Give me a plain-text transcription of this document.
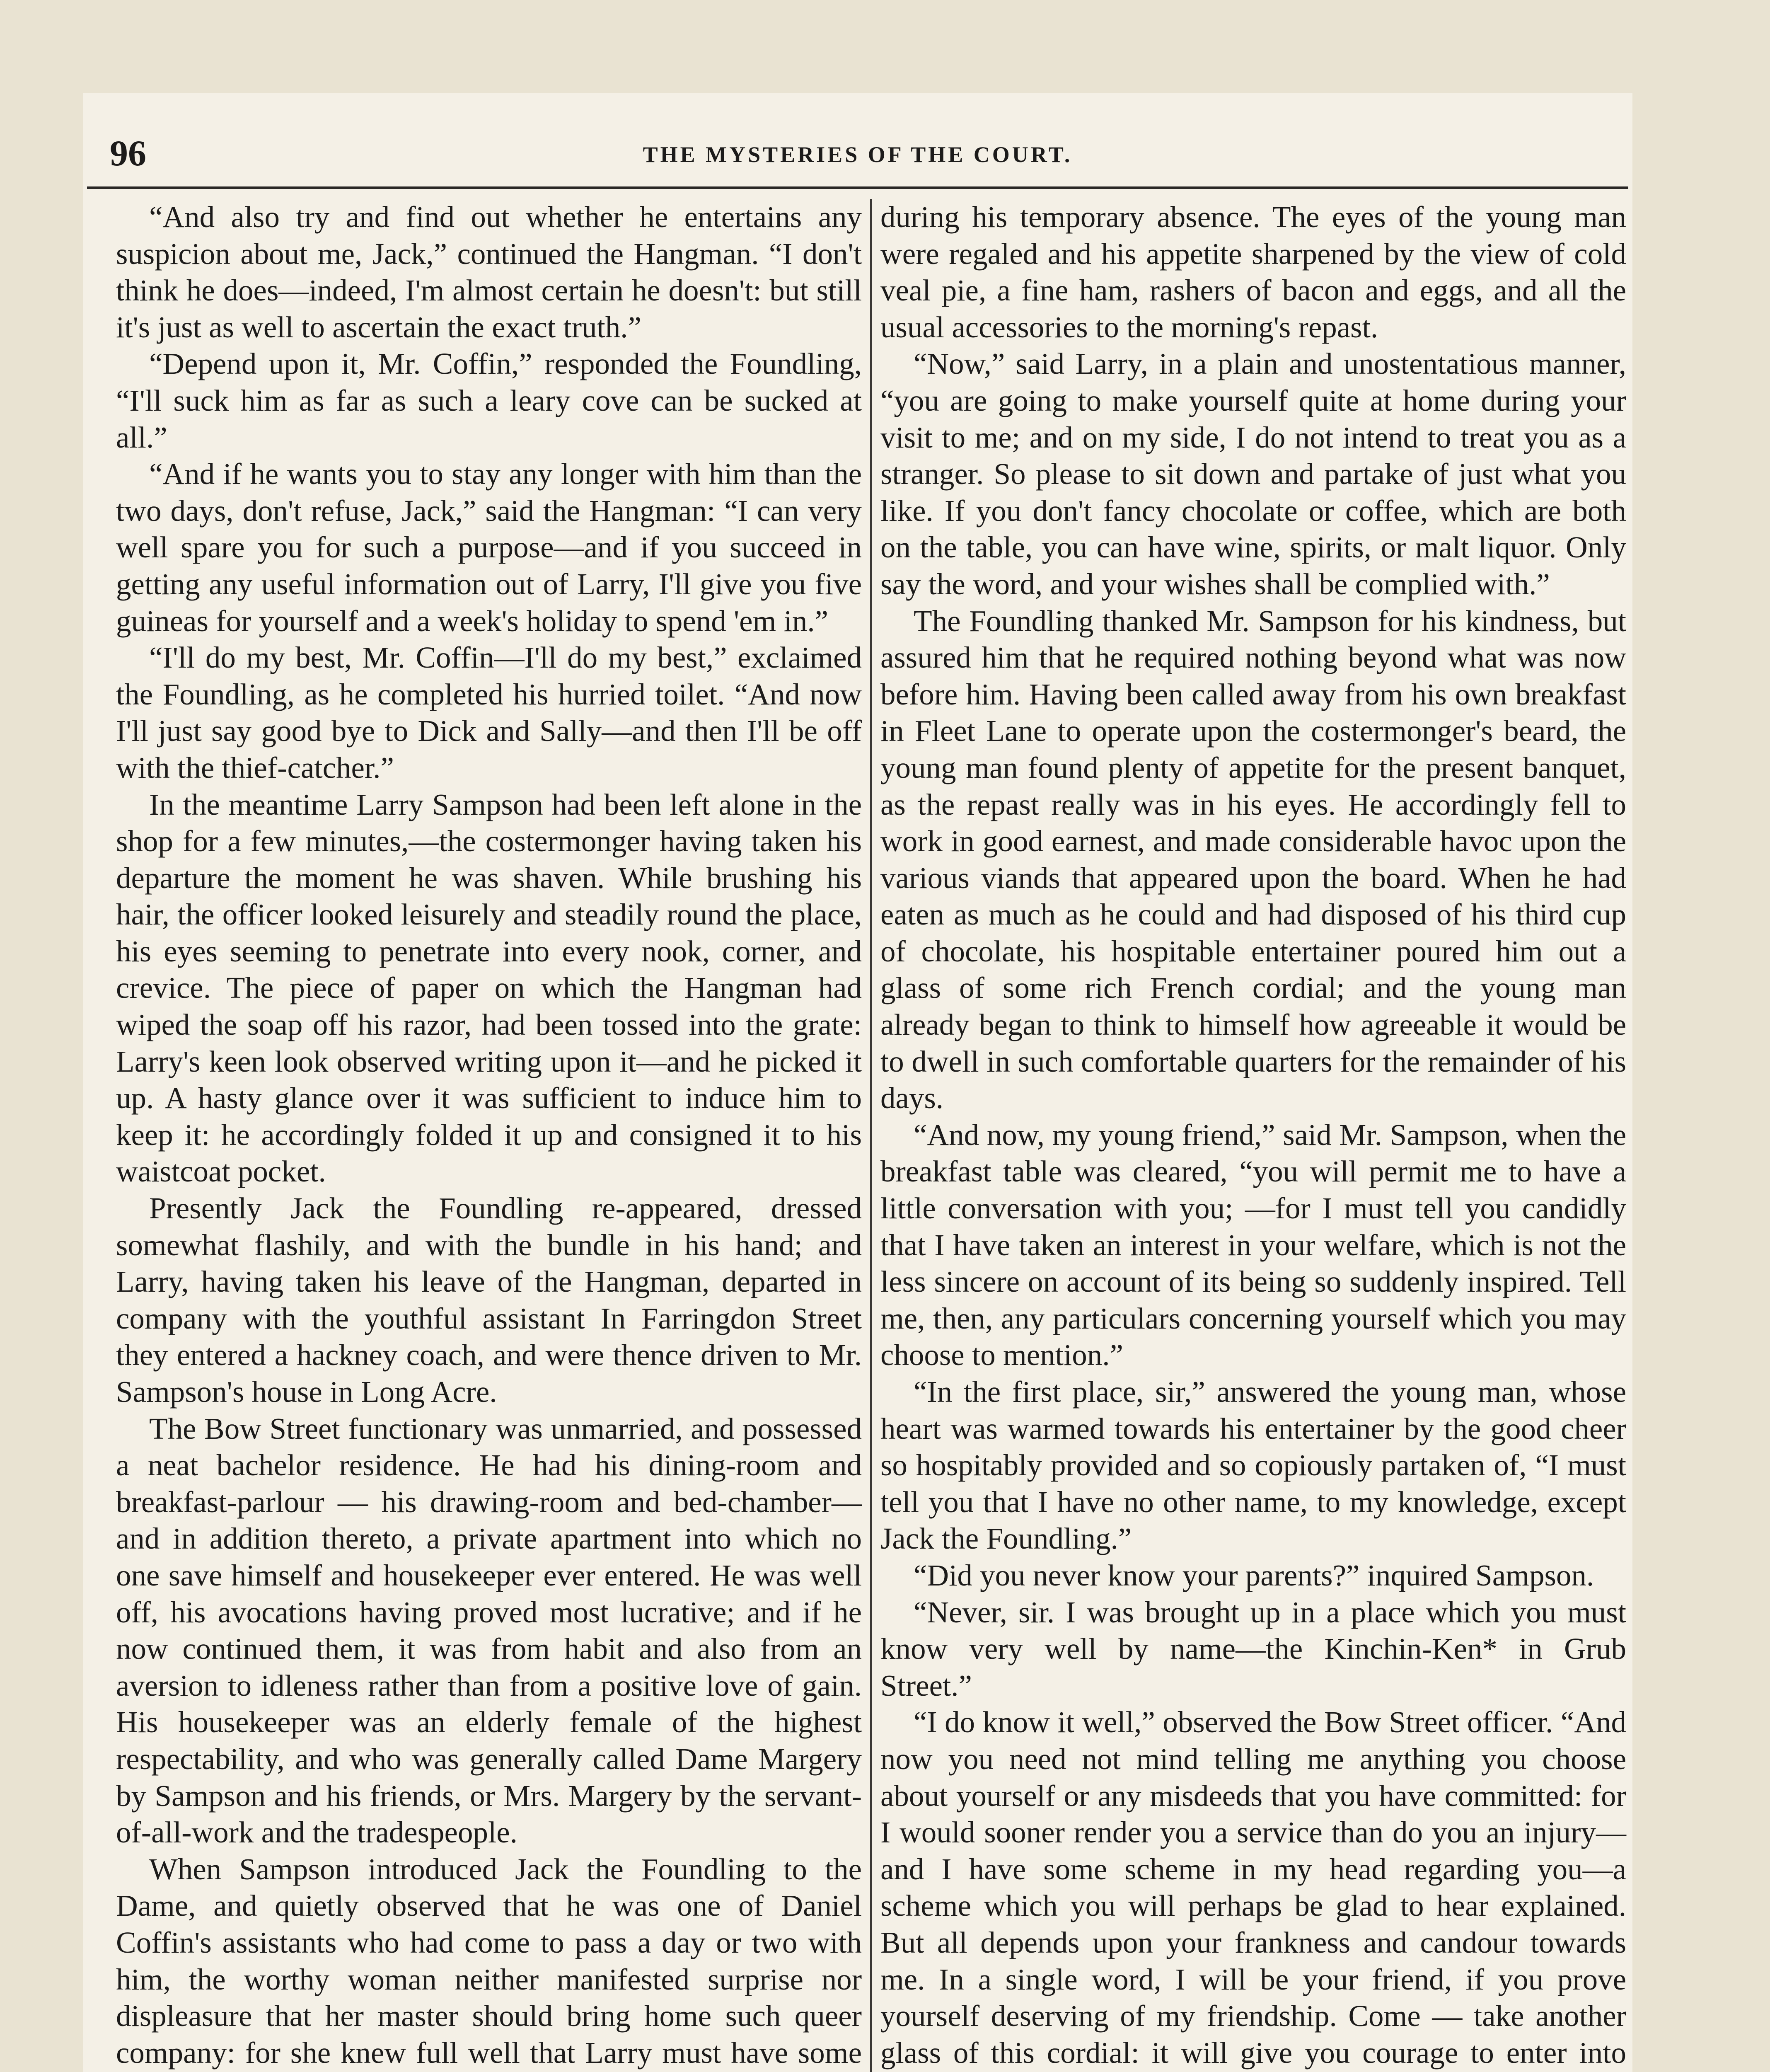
96	THE MYSTERIES OF THE COURT.

“And also try and find out whether he entertains any suspicion about me, Jack,” continued the Hangman. “I don't think he does—indeed, I'm almost certain he doesn't: but still it's just as well to ascertain the exact truth.”

“Depend upon it, Mr. Coffin,” responded the Foundling, “I'll suck him as far as such a leary cove can be sucked at all.”

“And if he wants you to stay any longer with him than the two days, don't refuse, Jack,” said the Hangman: “I can very well spare you for such a purpose—and if you succeed in getting any useful information out of Larry, I'll give you five guineas for yourself and a week's holiday to spend 'em in.”

“I'll do my best, Mr. Coffin—I'll do my best,” exclaimed the Foundling, as he completed his hurried toilet. “And now I'll just say good bye to Dick and Sally—and then I'll be off with the thief-catcher.”

In the meantime Larry Sampson had been left alone in the shop for a few minutes,—the costermonger having taken his departure the moment he was shaven. While brushing his hair, the officer looked leisurely and steadily round the place, his eyes seeming to penetrate into every nook, corner, and crevice. The piece of paper on which the Hangman had wiped the soap off his razor, had been tossed into the grate: Larry's keen look observed writing upon it—and he picked it up. A hasty glance over it was sufficient to induce him to keep it: he accordingly folded it up and consigned it to his waistcoat pocket.

Presently Jack the Foundling re-appeared, dressed somewhat flashily, and with the bundle in his hand; and Larry, having taken his leave of the Hangman, departed in company with the youthful assistant In Farringdon Street they entered a hackney coach, and were thence driven to Mr. Sampson's house in Long Acre.

The Bow Street functionary was unmarried, and possessed a neat bachelor residence. He had his dining-room and breakfast-parlour — his drawing-room and bed-chamber—and in addition thereto, a private apartment into which no one save himself and housekeeper ever entered. He was well off, his avocations having proved most lucrative; and if he now continued them, it was from habit and also from an aversion to idleness rather than from a positive love of gain. His housekeeper was an elderly female of the highest respectability, and who was generally called Dame Margery by Sampson and his friends, or Mrs. Margery by the servant-of-all-work and the tradespeople.

When Sampson introduced Jack the Foundling to the Dame, and quietly observed that he was one of Daniel Coffin's assistants who had come to pass a day or two with him, the worthy woman neither manifested surprise nor displeasure that her master should bring home such queer company: for she knew full well that Larry must have some

during his temporary absence. The eyes of the young man were regaled and his appetite sharpened by the view of cold veal pie, a fine ham, rashers of bacon and eggs, and all the usual accessories to the morning's repast.

“Now,” said Larry, in a plain and unostentatious manner, “you are going to make yourself quite at home during your visit to me; and on my side, I do not intend to treat you as a stranger. So please to sit down and partake of just what you like. If you don't fancy chocolate or coffee, which are both on the table, you can have wine, spirits, or malt liquor. Only say the word, and your wishes shall be complied with.”

The Foundling thanked Mr. Sampson for his kindness, but assured him that he required nothing beyond what was now before him. Having been called away from his own breakfast in Fleet Lane to operate upon the costermonger's beard, the young man found plenty of appetite for the present banquet, as the repast really was in his eyes. He accordingly fell to work in good earnest, and made considerable havoc upon the various viands that appeared upon the board. When he had eaten as much as he could and had disposed of his third cup of chocolate, his hospitable entertainer poured him out a glass of some rich French cordial; and the young man already began to think to himself how agreeable it would be to dwell in such comfortable quarters for the remainder of his days.

“And now, my young friend,” said Mr. Sampson, when the breakfast table was cleared, “you will permit me to have a little conversation with you; —for I must tell you candidly that I have taken an interest in your welfare, which is not the less sincere on account of its being so suddenly inspired. Tell me, then, any particulars concerning yourself which you may choose to mention.”

“In the first place, sir,” answered the young man, whose heart was warmed towards his entertainer by the good cheer so hospitably provided and so copiously partaken of, “I must tell you that I have no other name, to my knowledge, except Jack the Foundling.”

“Did you never know your parents?” inquired Sampson.

“Never, sir. I was brought up in a place which you must know very well by name—the Kinchin-Ken* in Grub Street.”

“I do know it well,” observed the Bow Street officer. “And now you need not mind telling me anything you choose about yourself or any misdeeds that you have committed: for I would sooner render you a service than do you an injury—and I have some scheme in my head regarding you—a scheme which you will perhaps be glad to hear explained. But all depends upon your frankness and candour towards me. In a single word, I will be your friend, if you prove yourself deserving of my friendship. Come — take another glass of this cordial: it will give you courage to enter into
